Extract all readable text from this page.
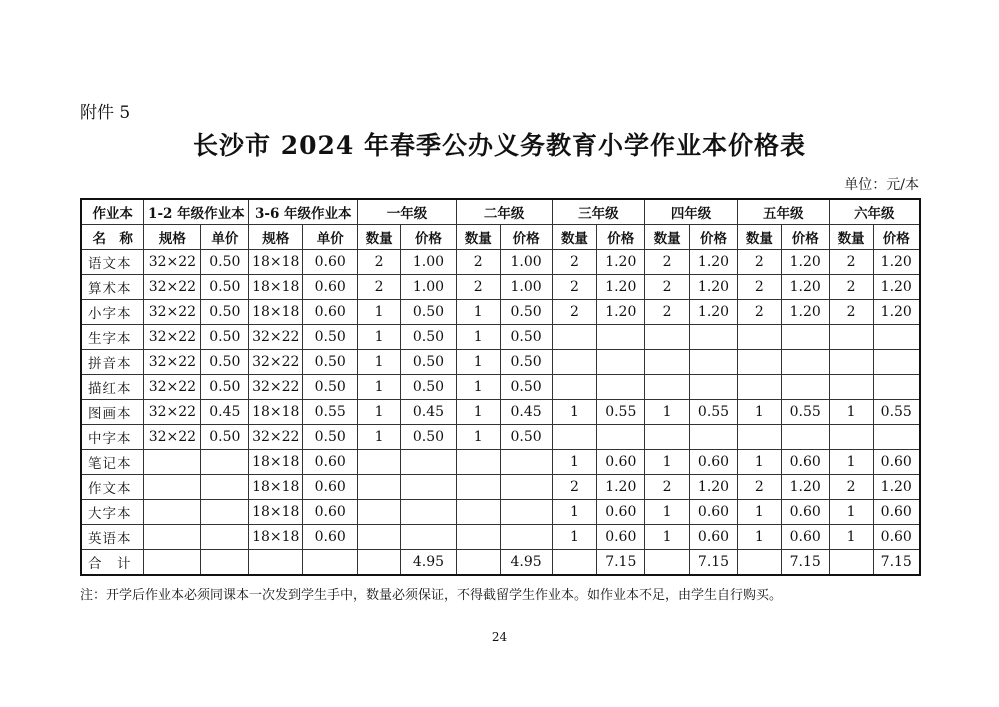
附件 5
长沙市 2024 年春季公办义务教育小学作业本价格表
单位：元/本
作业本	1-2 年级作业本		3-6 年级作业本		一年级		二年级		三年级		四年级		五年级		六年级	
名　称	规格	单价	规格	单价	数量	价格	数量	价格	数量	价格	数量	价格	数量	价格	数量	价格
语文本	32×22	0.50	18×18	0.60	2	1.00	2	1.00	2	1.20	2	1.20	2	1.20	2	1.20
算术本	32×22	0.50	18×18	0.60	2	1.00	2	1.00	2	1.20	2	1.20	2	1.20	2	1.20
小字本	32×22	0.50	18×18	0.60	1	0.50	1	0.50	2	1.20	2	1.20	2	1.20	2	1.20
生字本	32×22	0.50	32×22	0.50	1	0.50	1	0.50								
拼音本	32×22	0.50	32×22	0.50	1	0.50	1	0.50								
描红本	32×22	0.50	32×22	0.50	1	0.50	1	0.50								
图画本	32×22	0.45	18×18	0.55	1	0.45	1	0.45	1	0.55	1	0.55	1	0.55	1	0.55
中字本	32×22	0.50	32×22	0.50	1	0.50	1	0.50								
笔记本			18×18	0.60					1	0.60	1	0.60	1	0.60	1	0.60
作文本			18×18	0.60					2	1.20	2	1.20	2	1.20	2	1.20
大字本			18×18	0.60					1	0.60	1	0.60	1	0.60	1	0.60
英语本			18×18	0.60					1	0.60	1	0.60	1	0.60	1	0.60
合　计						4.95		4.95		7.15		7.15		7.15		7.15
注：开学后作业本必须同课本一次发到学生手中，数量必须保证，不得截留学生作业本。如作业本不足，由学生自行购买。
24
